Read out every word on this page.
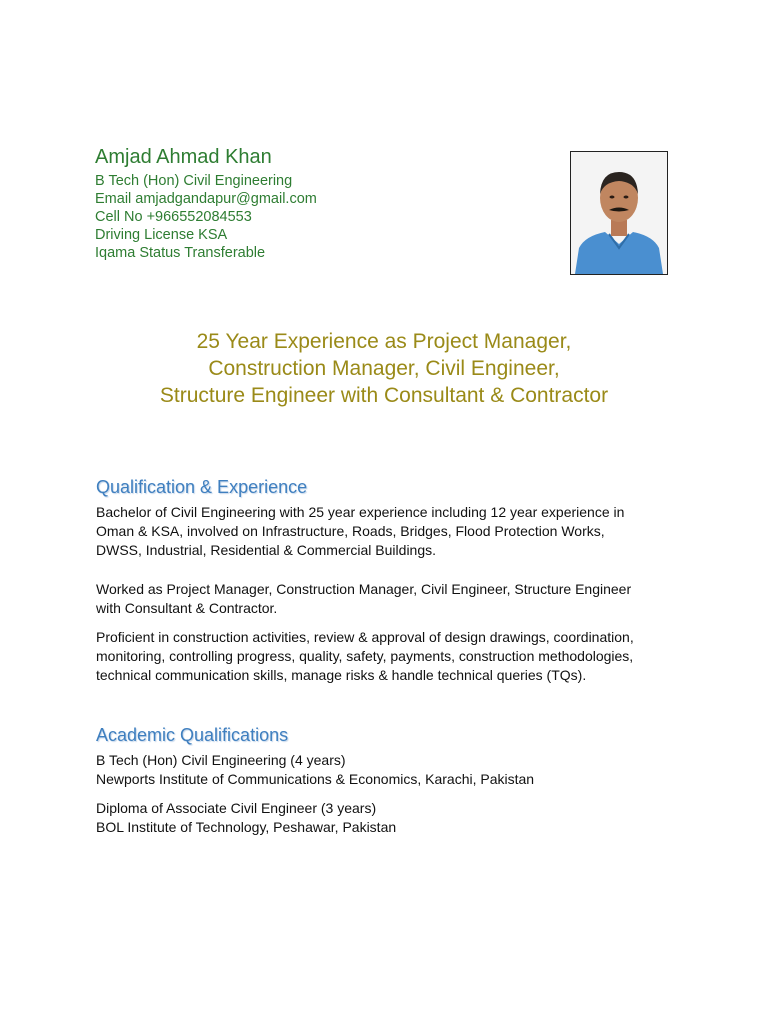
Amjad Ahmad Khan
B Tech (Hon) Civil Engineering
Email amjadgandapur@gmail.com
Cell No +966552084553
Driving License KSA
Iqama Status Transferable
25 Year Experience as Project Manager,
Construction Manager, Civil Engineer,
Structure Engineer with Consultant & Contractor
Qualification & Experience
Bachelor of Civil Engineering with 25 year experience including 12 year experience in
Oman & KSA, involved on Infrastructure, Roads, Bridges, Flood Protection Works,
DWSS, Industrial, Residential & Commercial Buildings.
Worked as Project Manager, Construction Manager, Civil Engineer, Structure Engineer
with Consultant & Contractor.
Proficient in construction activities, review & approval of design drawings, coordination,
monitoring, controlling progress, quality, safety, payments, construction methodologies,
technical communication skills, manage risks & handle technical queries (TQs).
Academic Qualifications
B Tech (Hon) Civil Engineering (4 years)
Newports Institute of Communications & Economics, Karachi, Pakistan
Diploma of Associate Civil Engineer (3 years)
BOL Institute of Technology, Peshawar, Pakistan
